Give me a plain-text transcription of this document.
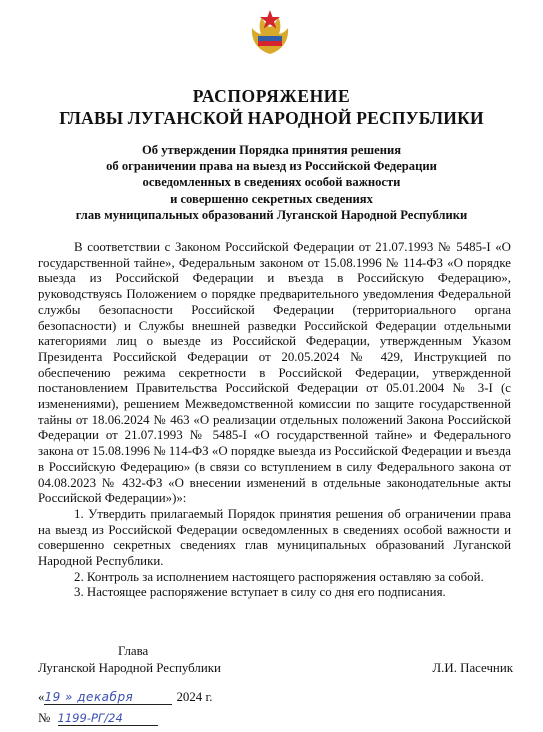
РАСПОРЯЖЕНИЕ
ГЛАВЫ ЛУГАНСКОЙ НАРОДНОЙ РЕСПУБЛИКИ
Об утверждении Порядка принятия решения
об ограничении права на выезд из Российской Федерации
осведомленных в сведениях особой важности
и совершенно секретных сведениях
глав муниципальных образований Луганской Народной Республики

В соответствии с Законом Российской Федерации от 21.07.1993 № 5485-I «О государственной тайне», Федеральным законом от 15.08.1996 № 114-ФЗ «О порядке выезда из Российской Федерации и въезда в Российскую Федерацию», руководствуясь Положением о порядке предварительного уведомления Федеральной службы безопасности Российской Федерации (территориального органа безопасности) и Службы внешней разведки Российской Федерации отдельными категориями лиц о выезде из Российской Федерации, утвержденным Указом Президента Российской Федерации от 20.05.2024 № 429, Инструкцией по обеспечению режима секретности в Российской Федерации, утвержденной постановлением Правительства Российской Федерации от 05.01.2004 № 3-I (с изменениями), решением Межведомственной комиссии по защите государственной тайны от 18.06.2024 № 463 «О реализации отдельных положений Закона Российской Федерации от 21.07.1993 № 5485-I «О государственной тайне» и Федерального закона от 15.08.1996 № 114-ФЗ «О порядке выезда из Российской Федерации и въезда в Российскую Федерацию» (в связи со вступлением в силу Федерального закона от 04.08.2023 № 432-ФЗ «О внесении изменений в отдельные законодательные акты Российской Федерации»)»:

1. Утвердить прилагаемый Порядок принятия решения об ограничении права на выезд из Российской Федерации осведомленных в сведениях особой важности и совершенно секретных сведениях глав муниципальных образований Луганской Народной Республики.

2. Контроль за исполнением настоящего распоряжения оставляю за собой.

3. Настоящее распоряжение вступает в силу со дня его подписания.

Глава
Луганской Народной Республики	Л.И. Пасечник
«19 » декабря	2024 г.
№ 1199-РГ/24
